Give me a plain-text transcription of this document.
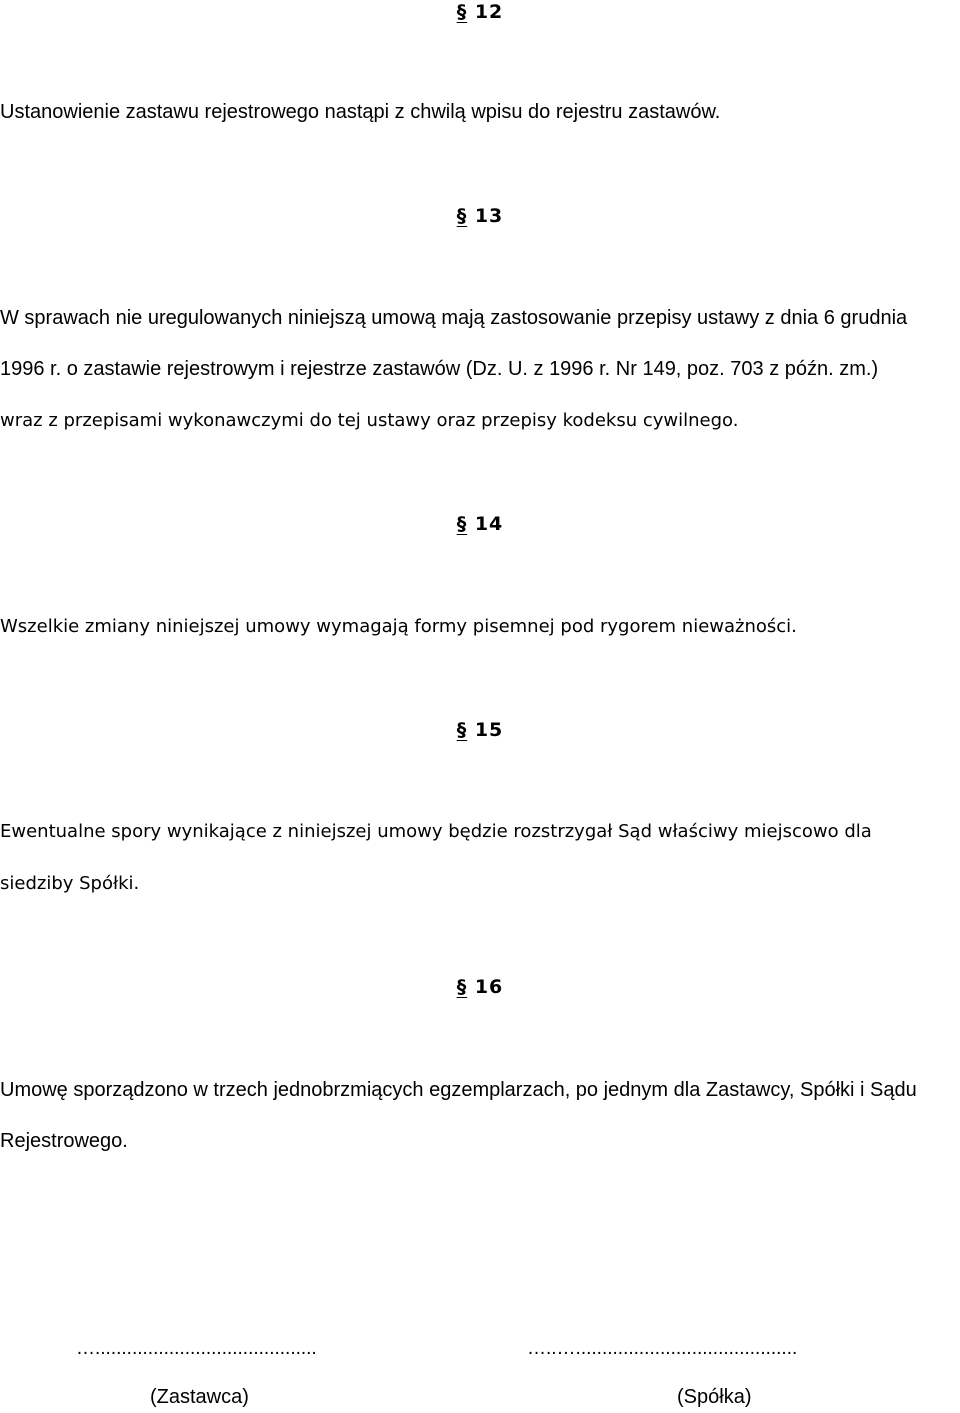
§ 12
Ustanowienie zastawu rejestrowego nastąpi z chwilą wpisu do rejestru zastawów.
§ 13
W sprawach nie uregulowanych niniejszą umową mają zastosowanie przepisy ustawy z dnia 6 grudnia
1996 r. o zastawie rejestrowym i rejestrze zastawów (Dz. U. z 1996 r. Nr 149, poz. 703 z późn. zm.)
wraz z przepisami wykonawczymi do tej ustawy oraz przepisy kodeksu cywilnego.
§ 14
Wszelkie zmiany niniejszej umowy wymagają formy pisemnej pod rygorem nieważności.
§ 15
Ewentualne spory wynikające z niniejszej umowy będzie rozstrzygał Sąd właściwy miejscowo dla
siedziby Spółki.
§ 16
Umowę sporządzono w trzech jednobrzmiących egzemplarzach, po jednym dla Zastawcy, Spółki i Sądu
Rejestrowego.
…..........................................	…..…..........................................
(Zastawca)	(Spółka)
